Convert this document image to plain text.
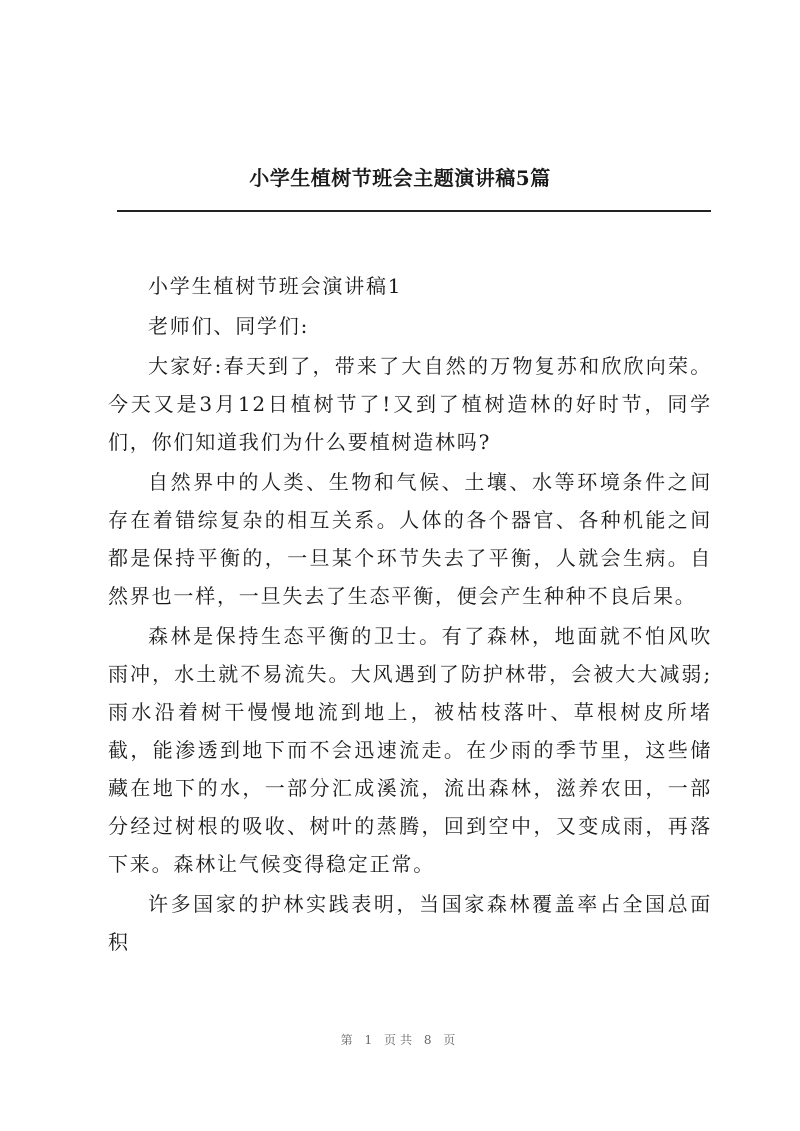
小学生植树节班会主题演讲稿5篇

小学生植树节班会演讲稿1

老师们、同学们:

大家好:春天到了，带来了大自然的万物复苏和欣欣向荣。今天又是3月12日植树节了!又到了植树造林的好时节，同学们，你们知道我们为什么要植树造林吗?

自然界中的人类、生物和气候、土壤、水等环境条件之间存在着错综复杂的相互关系。人体的各个器官、各种机能之间都是保持平衡的，一旦某个环节失去了平衡，人就会生病。自然界也一样，一旦失去了生态平衡，便会产生种种不良后果。

森林是保持生态平衡的卫士。有了森林，地面就不怕风吹雨冲，水土就不易流失。大风遇到了防护林带，会被大大减弱;雨水沿着树干慢慢地流到地上，被枯枝落叶、草根树皮所堵截，能渗透到地下而不会迅速流走。在少雨的季节里，这些储藏在地下的水，一部分汇成溪流，流出森林，滋养农田，一部分经过树根的吸收、树叶的蒸腾，回到空中，又变成雨，再落下来。森林让气候变得稳定正常。

许多国家的护林实践表明，当国家森林覆盖率占全国总面积

第 1 页共 8 页
